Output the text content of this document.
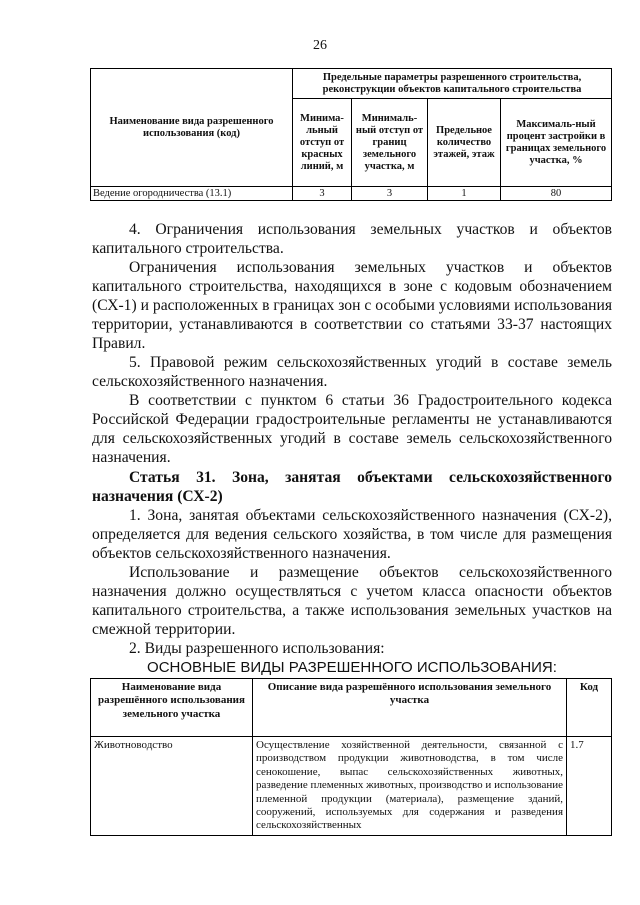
26
Наименование вида разрешенного использования (код)	Предельные параметры разрешенного строительства, реконструкции объектов капитального строительства			
	Минима-льный отступ от красных линий, м	Минималь-ный отступ от границ земельного участка, м	Предельное количество этажей, этаж	Максималь-ный процент застройки в границах земельного участка, %
Ведение огородничества (13.1)	3	3	1	80

4. Ограничения использования земельных участков и объектов капитального строительства.

Ограничения использования земельных участков и объектов капитального строительства, находящихся в зоне с кодовым обозначением (СХ-1) и расположенных в границах зон с особыми условиями использования территории, устанавливаются в соответствии со статьями 33-37 настоящих Правил.

5. Правовой режим сельскохозяйственных угодий в составе земель сельскохозяйственного назначения.

В соответствии с пунктом 6 статьи 36 Градостроительного кодекса Российской Федерации градостроительные регламенты не устанавливаются для сельскохозяйственных угодий в составе земель сельскохозяйственного назначения.

Статья 31. Зона, занятая объектами сельскохозяйственного назначения (СХ-2)

1. Зона, занятая объектами сельскохозяйственного назначения (СХ-2), определяется для ведения сельского хозяйства, в том числе для размещения объектов сельскохозяйственного назначения.

Использование и размещение объектов сельскохозяйственного назначения должно осуществляться с учетом класса опасности объектов капитального строительства, а также использования земельных участков на смежной территории.

2. Виды разрешенного использования:

ОСНОВНЫЕ ВИДЫ РАЗРЕШЕННОГО ИСПОЛЬЗОВАНИЯ:
Наименование вида разрешённого использования земельного участка	Описание вида разрешённого использования земельного участка	Код
Животноводство	Осуществление хозяйственной деятельности, связанной с производством продукции животноводства, в том числе сенокошение, выпас сельскохозяйственных животных, разведение племенных животных, производство и использование племенной продукции (материала), размещение зданий, сооружений, используемых для содержания и разведения сельскохозяйственных	1.7
